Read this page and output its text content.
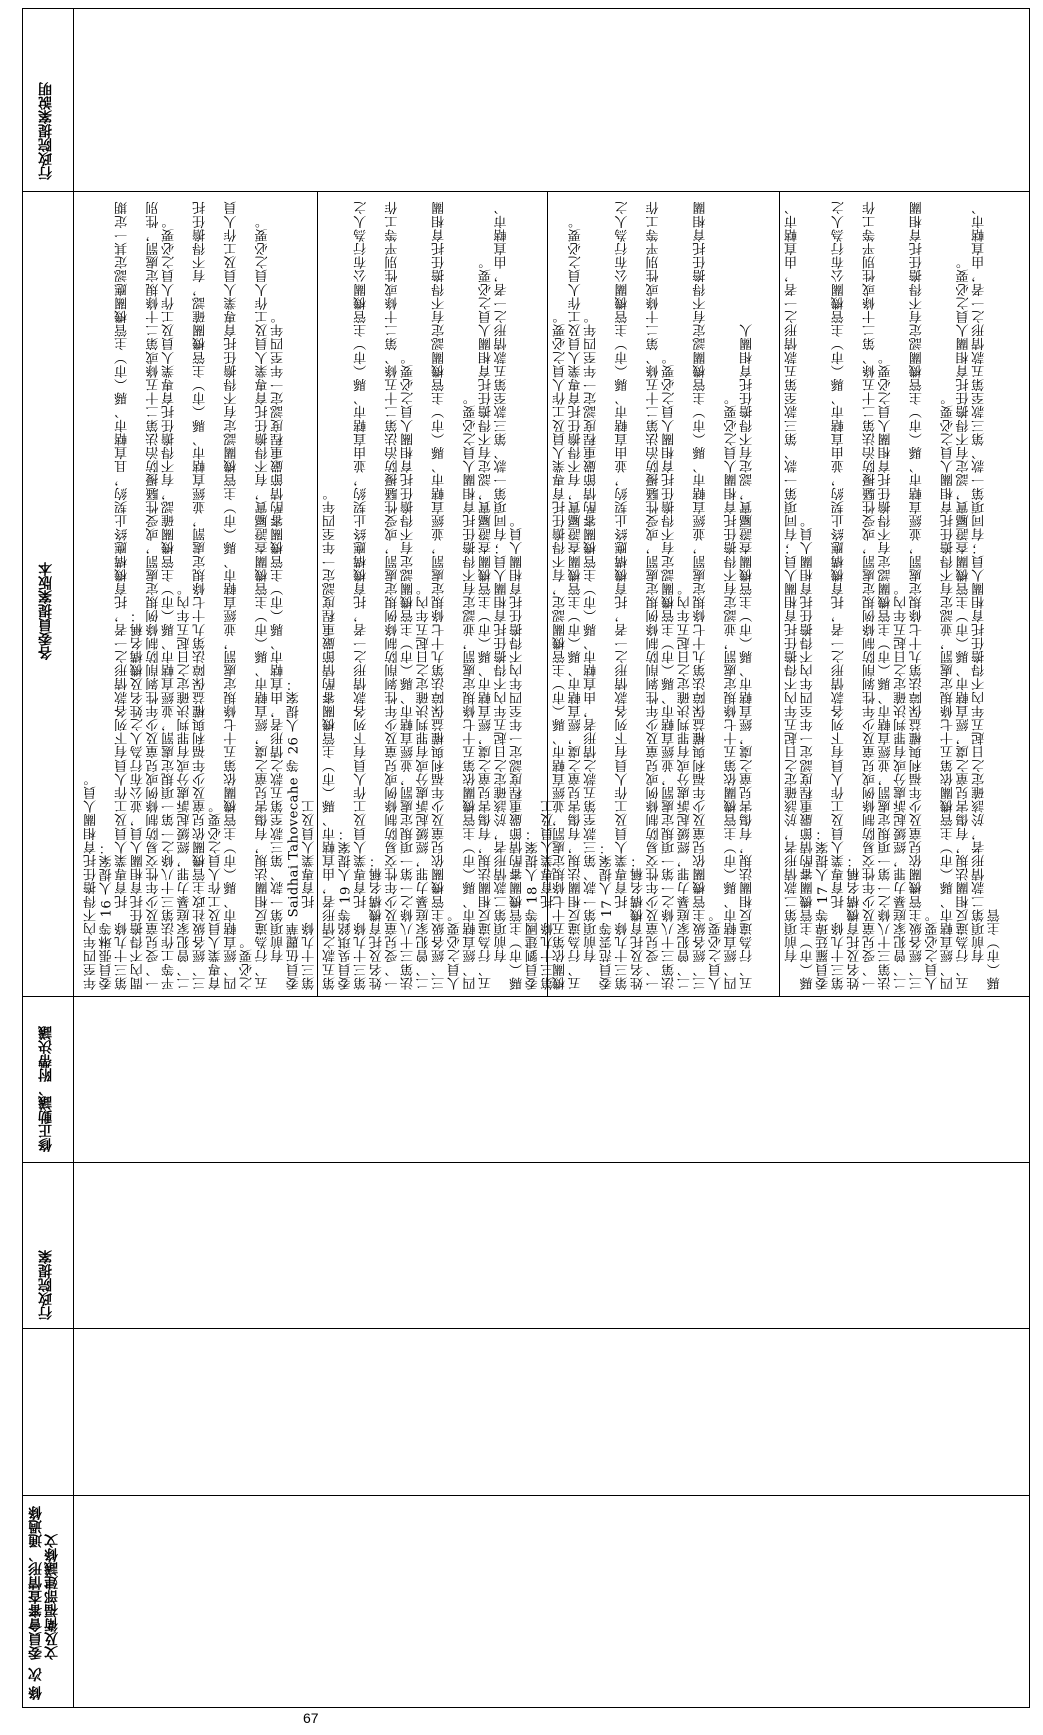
條 次
委員會審查情形、通過條
文及衛福部建議條文
行政院提案
修正動議、附帶決議
各委員提案版本
行政院提案說明
年至四年內不得擔任托育相關人員。
委員張琳等 16 人提案：
第三十九條　托育專業人員及工作人員有下列各款情形之一者，托育機構應終止契約，且直轄市、縣（市）主管機關應認定其一定期間內不得擔任托育相關人員，並公布行為人之姓名及機構名稱：
一、受兒童及少年性交易防制條例或兒童及少年性剝削防制條例規定處罰，或受性騷擾防治法第二十五條或第二十條規定處罰，性別平等工作法第三十八條之一第一項規定處罰，並經直轄市、縣（市）主管機關確認，有不得擔任托育專業人員及工作人員之必要。
二、曾犯家庭暴力罪，經緩起訴處分或有罪判決確定之日起五年內。
三、經各級社政主管機關依兒童及少年福利與權益保障法第九十七條規定處罰，並經直轄市、縣（市）主管機關確認，有不得擔任托育專業人員及工作人員之必要。
四、經直轄市、縣（市）主管機關依第五十七條規定處罰，並經直轄市、縣（市）主管機關認定有不得擔任托育專業人員及工作人員之必要。
五、行為違反相關法規，有傷害兒童之虞，經直轄市、縣（市）主管機關查證屬實，有不得擔任托育專業人員及工作人員之必要。
　　有前項第一款、第三款至第五款之情形者，由直轄市、縣（市）主管機關審酌情節嚴重程度認定一年至四年。
委員伍麗華 Saidhai Tahovecahe 等 26 人提案：
第三十九條　托育專業人員及工 第五款之情形者，由直轄市、縣（市）主管機關審酌情節嚴重程度認定一年至四年。
委員吳琪銘等 19 人提案：
第三十九條　托育專業人員及工作人員有下列各款情形之一者，托育機構應終止契約，並由直轄市、縣（市）主管機關公布行為人之姓名及托育機構名稱：
一、受兒童及少年性交易防制條例或兒童及少年性剝削防制條例規定處罰，或受性騷擾防治法第二十五條、第二十條或性別平等工作法第三十八條之一第一項規定處罰，並經直轄市、縣（市）主管機關認定有不得擔任托育相關人員之必要。
二、曾犯家庭暴力罪，經緩起訴處分或有罪判決確定之日起五年內。
三、經各級主管機關依兒童及少年福利與權益保障法第九十七條規定處罰，並經直轄市、縣（市）主管機關認定有不得擔任托育相關人員之必要。
四、經直轄市、縣（市）主管機關依第五十七條規定處罰，並認定有不得擔任托育相關人員之必要。
五、行為違反相關法規，有傷害兒童之虞，經直轄市、縣（市）主管機關查證屬實，認定有不得擔任托育相關人員之必要。
　　有前項第二款情形者，於該確定之日起五年內不得擔任托育相關人員；有同項第一款、第三款至第五款情形之一者，由直轄市、縣（市）主管機關審酌情節嚴重程度認定一年至四年內不得擔任托育相關人員。
委員劉建國等 18 人提案：
第三十九條　托育專業人員及工
機關依第五十七條規定處罰，並經直轄市、縣（市）主管機關認定，有不得擔任托育專業人員及工作人員之必要。
五、行為違反相關法規，有傷害兒童之虞，經直轄市、縣（市）主管機關查證屬實，有不得擔任托育專業人員及工作人員之必要。
　　有前項第一款、第三款至第五款之情形者，由直轄市、縣（市）主管機關審酌情節嚴重程度認定一年至四年。
委員范雲等 17 人提案：
第三十九條　托育專業人員及工作人員有下列各款情形之一者，托育機構應終止契約，並由直轄市、縣（市）主管機關公布行為人之姓名及托育機構名稱：
一、受兒童及少年性交易防制條例或兒童及少年性剝削防制條例規定處罰，或受性騷擾防治法第二十五條、第二十條或性別平等工作法第三十八條之一第一項規定處罰，並經直轄市、縣（市）主管機關認定有不得擔任托育相關人員之必要。
二、曾犯家庭暴力罪，經緩起訴處分或有罪判決確定之日起五年內。
三、經各級主管機關依兒童及少年福利與權益保障法第九十七條規定處罰，並經直轄市、縣（市）主管機關認定有不得擔任托育相關人員之必要。
四、經直轄市、縣（市）主管機關依第五十七條規定處罰，並認定有不得擔任托育相關人員之必要。
五、行為違反相關法規，有傷害兒童之虞，經直轄市、縣（市）主管機關查證屬實，認定有不得擔任托育相關人	　　有前項第二款情形者，於該確定之日起五年內不得擔任托育相關人員；有同項第一款、第三款至第五款情形之一者，由直轄市、縣（市）主管機關審酌情節嚴重程度認定一年至四年內不得擔任托育相關人員。
委員羅廷瑋等 17 人提案：
第三十九條　托育專業人員及工作人員有下列各款情形之一者，托育機構應終止契約，並由直轄市、縣（市）主管機關公布行為人之姓名及托育機構名稱：
一、受兒童及少年性交易防制條例或兒童及少年性剝削防制條例規定處罰，或受性騷擾防治法第二十五條、第二十條或性別平等工作法第三十八條之一第一項規定處罰，並經直轄市、縣（市）主管機關認定有不得擔任托育相關人員之必要。
二、曾犯家庭暴力罪，經緩起訴處分或有罪判決確定之日起五年內。
三、經各級主管機關依兒童及少年福利與權益保障法第九十七條規定處罰，並經直轄市、縣（市）主管機關認定有不得擔任托育相關人員之必要。
四、經直轄市、縣（市）主管機關依第五十七條規定處罰，並認定有不得擔任托育相關人員之必要。
五、行為違反相關法規，有傷害兒童之虞，經直轄市、縣（市）主管機關查證屬實，認定有不得擔任托育相關人員之必要。
　　有前項第二款情形者，於該確定之日起五年內不得擔任托育相關人員；有同項第一款、第三款至第五款情形之一者，由直轄市、縣（市）主管
67
